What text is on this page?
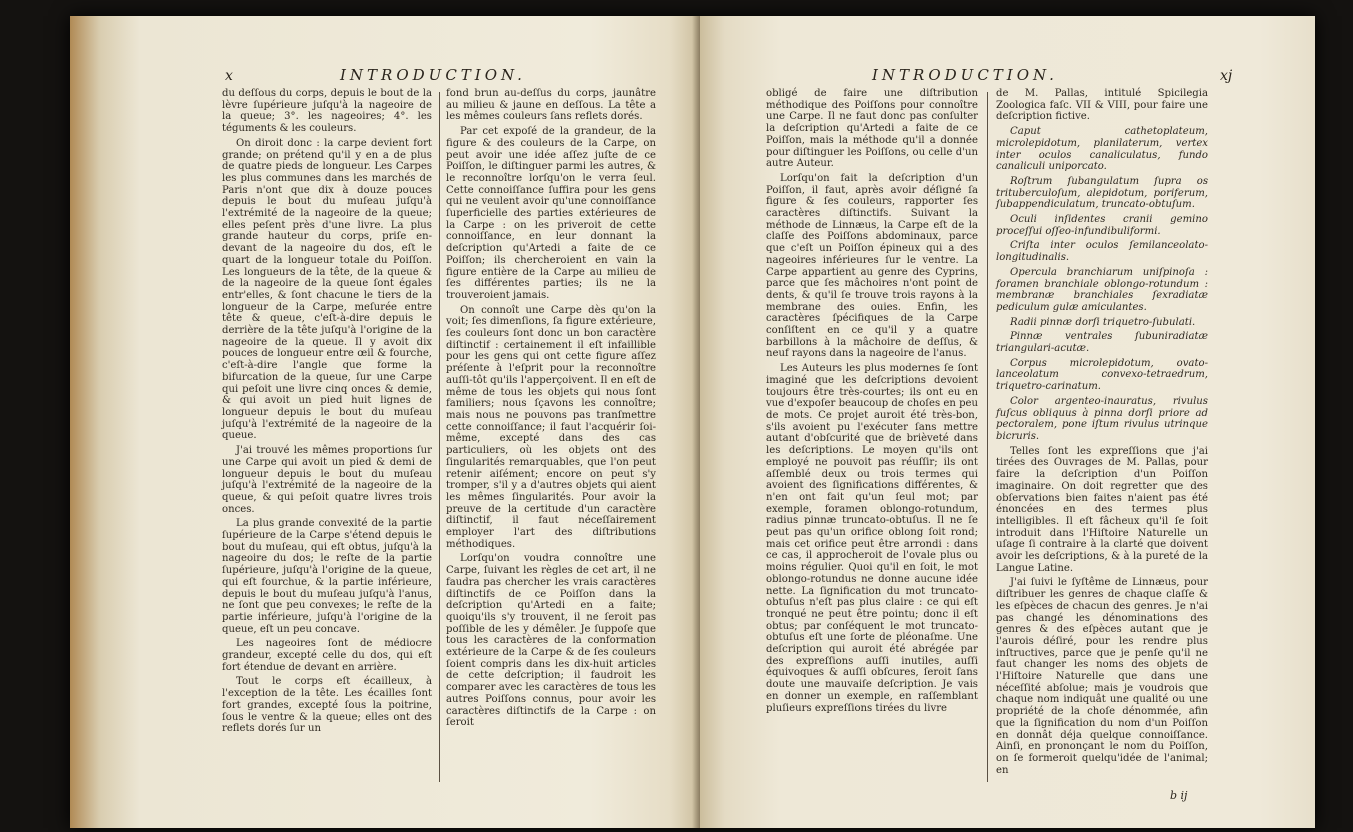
x	INTRODUCTION.

du deſſous du corps, depuis le bout de la lèvre ſupérieure juſqu'à la nageoire de la queue; 3°. les nageoires; 4°. les téguments & les couleurs.

On diroit donc : la carpe devient fort grande; on prétend qu'il y en a de plus de quatre pieds de longueur. Les Carpes les plus communes dans les marchés de Paris n'ont que dix à douze pouces depuis le bout du muſeau juſqu'à l'extrémité de la nageoire de la queue; elles peſent près d'une livre. La plus grande hauteur du corps, priſe en-devant de la nageoire du dos, eſt le quart de la longueur totale du Poiſſon. Les longueurs de la tête, de la queue & de la nageoire de la queue ſont égales entr'elles, & ſont chacune le tiers de la longueur de la Carpe, meſurée entre tête & queue, c'eſt-à-dire depuis le derrière de la tête juſqu'à l'origine de la nageoire de la queue. Il y avoit dix pouces de longueur entre œil & fourche, c'eſt-à-dire l'angle que forme la bifurcation de la queue, ſur une Carpe qui peſoit une livre cinq onces & demie, & qui avoit un pied huit lignes de longueur depuis le bout du muſeau juſqu'à l'extrémité de la nageoire de la queue.

J'ai trouvé les mêmes proportions ſur une Carpe qui avoit un pied & demi de longueur depuis le bout du muſeau juſqu'à l'extrémité de la nageoire de la queue, & qui peſoit quatre livres trois onces.

La plus grande convexité de la partie ſupérieure de la Carpe s'étend depuis le bout du muſeau, qui eſt obtus, juſqu'à la nageoire du dos; le reſte de la partie ſupérieure, juſqu'à l'origine de la queue, qui eſt fourchue, & la partie inférieure, depuis le bout du muſeau juſqu'à l'anus, ne ſont que peu convexes; le reſte de la partie inférieure, juſqu'à l'origine de la queue, eſt un peu concave.

Les nageoires ſont de médiocre grandeur, excepté celle du dos, qui eſt fort étendue de devant en arrière.

Tout le corps eſt écailleux, à l'exception de la tête. Les écailles ſont fort grandes, excepté ſous la poitrine, ſous le ventre & la queue; elles ont des reflets dorés ſur un

fond brun au-deſſus du corps, jaunâtre au milieu & jaune en deſſous. La tête a les mêmes couleurs ſans reflets dorés.

Par cet expoſé de la grandeur, de la figure & des couleurs de la Carpe, on peut avoir une idée aſſez juſte de ce Poiſſon, le diſtinguer parmi les autres, & le reconnoître lorſqu'on le verra ſeul. Cette connoiſſance ſuffira pour les gens qui ne veulent avoir qu'une connoiſſance ſuperficielle des parties extérieures de la Carpe : on les priveroit de cette connoiſſance, en leur donnant la deſcription qu'Artedi a faite de ce Poiſſon; ils chercheroient en vain la figure entière de la Carpe au milieu de ſes différentes parties; ils ne la trouveroient jamais.

On connoît une Carpe dès qu'on la voit; ſes dimenſions, ſa figure extérieure, ſes couleurs ſont donc un bon caractère diſtinctif : certainement il eſt infaillible pour les gens qui ont cette figure aſſez préſente à l'eſprit pour la reconnoître auſſi-tôt qu'ils l'apperçoivent. Il en eſt de même de tous les objets qui nous ſont familiers; nous ſçavons les connoître; mais nous ne pouvons pas tranſmettre cette connoiſſance; il faut l'acquérir ſoi-même, excepté dans des cas particuliers, où les objets ont des ſingularités remarquables, que l'on peut retenir aiſément; encore on peut s'y tromper, s'il y a d'autres objets qui aient les mêmes ſingularités. Pour avoir la preuve de la certitude d'un caractère diſtinctif, il faut néceſſairement employer l'art des diſtributions méthodiques.

Lorſqu'on voudra connoître une Carpe, ſuivant les règles de cet art, il ne faudra pas chercher les vrais caractères diſtinctifs de ce Poiſſon dans la deſcription qu'Artedi en a faite; quoiqu'ils s'y trouvent, il ne ſeroit pas poſſible de les y démêler. Je ſuppoſe que tous les caractères de la conformation extérieure de la Carpe & de ſes couleurs ſoient compris dans les dix-huit articles de cette deſcription; il faudroit les comparer avec les caractères de tous les autres Poiſſons connus, pour avoir les caractères diſtinctifs de la Carpe : on ſeroit

INTRODUCTION.	xj

obligé de faire une diſtribution méthodique des Poiſſons pour connoître une Carpe. Il ne faut donc pas conſulter la deſcription qu'Artedi a faite de ce Poiſſon, mais la méthode qu'il a donnée pour diſtinguer les Poiſſons, ou celle d'un autre Auteur.

Lorſqu'on fait la deſcription d'un Poiſſon, il faut, après avoir déſigné ſa figure & ſes couleurs, rapporter ſes caractères diſtinctifs. Suivant la méthode de Linnæus, la Carpe eſt de la claſſe des Poiſſons abdominaux, parce que c'eſt un Poiſſon épineux qui a des nageoires inférieures ſur le ventre. La Carpe appartient au genre des Cyprins, parce que ſes mâchoires n'ont point de dents, & qu'il ſe trouve trois rayons à la membrane des ouies. Enfin, les caractères ſpécifiques de la Carpe conſiſtent en ce qu'il y a quatre barbillons à la mâchoire de deſſus, & neuf rayons dans la nageoire de l'anus.

Les Auteurs les plus modernes ſe ſont imaginé que les deſcriptions devoient toujours être très-courtes; ils ont eu en vue d'expoſer beaucoup de choſes en peu de mots. Ce projet auroit été très-bon, s'ils avoient pu l'exécuter ſans mettre autant d'obſcurité que de brièveté dans les deſcriptions. Le moyen qu'ils ont employé ne pouvoit pas réuſſir; ils ont aſſemblé deux ou trois termes qui avoient des ſignifications différentes, & n'en ont fait qu'un ſeul mot; par exemple, foramen oblongo-rotundum, radius pinnæ truncato-obtuſus. Il ne ſe peut pas qu'un orifice oblong ſoit rond; mais cet orifice peut être arrondi : dans ce cas, il approcheroit de l'ovale plus ou moins régulier. Quoi qu'il en ſoit, le mot oblongo-rotundus ne donne aucune idée nette. La ſignification du mot truncato-obtuſus n'eſt pas plus claire : ce qui eſt tronqué ne peut être pointu; donc il eſt obtus; par conſéquent le mot truncato-obtuſus eſt une ſorte de pléonaſme. Une deſcription qui auroit été abrégée par des expreſſions auſſi inutiles, auſſi équivoques & auſſi obſcures, ſeroit ſans doute une mauvaiſe deſcription. Je vais en donner un exemple, en raſſemblant pluſieurs expreſſions tirées du livre

de M. Pallas, intitulé Spicilegia Zoologica faſc. VII & VIII, pour faire une deſcription fictive.

Caput cathetoplateum, microlepidotum, planilaterum, vertex inter oculos canaliculatus, fundo canaliculi uniporcato.

Roſtrum ſubangulatum ſupra os trituberculoſum, alepidotum, poriferum, ſubappendiculatum, truncato-obtuſum.

Oculi inſidentes cranii gemino proceſſui oſſeo-infundibuliformi.

Criſta inter oculos ſemilanceolato-longitudinalis.

Opercula branchiarum uniſpinoſa : foramen branchiale oblongo-rotundum : membranæ branchiales ſexradiatæ pediculum gulæ amiculantes.

Radii pinnæ dorſi triquetro-ſubulati.

Pinnæ ventrales ſubuniradiatæ triangulari-acutæ.

Corpus microlepidotum, ovato-lanceolatum convexo-tetraedrum, triquetro-carinatum.

Color argenteo-inauratus, rivulus fuſcus obliquus à pinna dorſi priore ad pectoralem, pone iſtum rivulus utrinque bicruris.

Telles ſont les expreſſions que j'ai tirées des Ouvrages de M. Pallas, pour faire la deſcription d'un Poiſſon imaginaire. On doit regretter que des obſervations bien faites n'aient pas été énoncées en des termes plus intelligibles. Il eſt fâcheux qu'il ſe ſoit introduit dans l'Hiſtoire Naturelle un uſage ſi contraire à la clarté que doivent avoir les deſcriptions, & à la pureté de la Langue Latine.

J'ai ſuivi le ſyſtême de Linnæus, pour diſtribuer les genres de chaque claſſe & les eſpèces de chacun des genres. Je n'ai pas changé les dénominations des genres & des eſpèces autant que je l'aurois déſiré, pour les rendre plus inſtructives, parce que je penſe qu'il ne faut changer les noms des objets de l'Hiſtoire Naturelle que dans une néceſſité abſolue; mais je voudrois que chaque nom indiquât une qualité ou une propriété de la choſe dénommée, afin que la ſignification du nom d'un Poiſſon en donnât déja quelque connoiſſance. Ainſi, en prononçant le nom du Poiſſon, on ſe formeroit quelqu'idée de l'animal; en

b ij
